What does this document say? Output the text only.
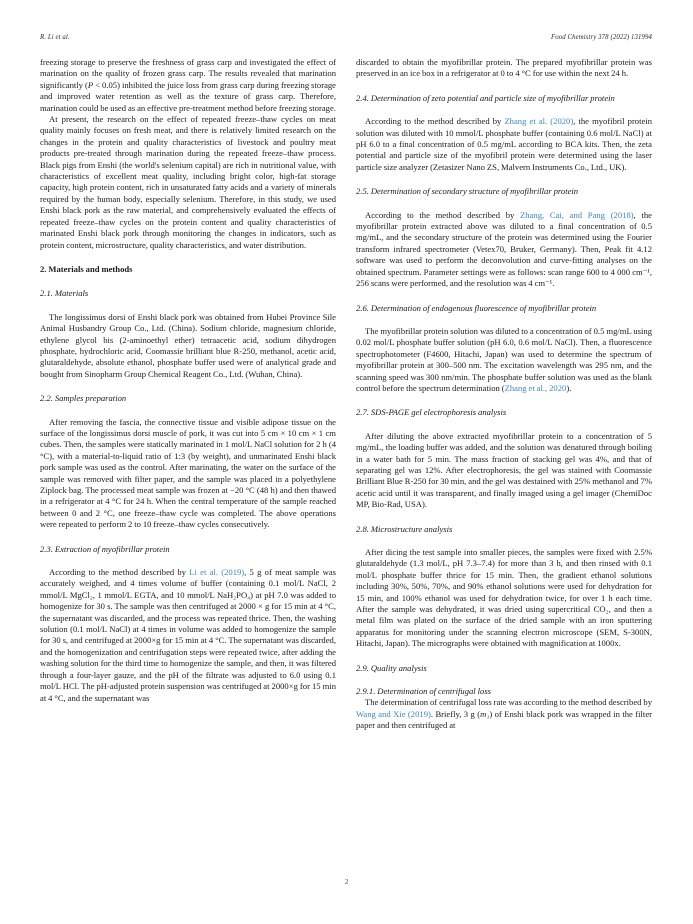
R. Li et al.	Food Chemistry 378 (2022) 131994

freezing storage to preserve the freshness of grass carp and investigated the effect of marination on the quality of frozen grass carp. The results revealed that marination significantly (P < 0.05) inhibited the juice loss from grass carp during freezing storage and improved water retention as well as the texture of grass carp. Therefore, marination could be used as an effective pre-treatment method before freezing storage.

At present, the research on the effect of repeated freeze–thaw cycles on meat quality mainly focuses on fresh meat, and there is relatively limited research on the changes in the protein and quality characteristics of livestock and poultry meat products pre-treated through marination during the repeated freeze–thaw process. Black pigs from Enshi (the world's selenium capital) are rich in nutritional value, with characteristics of excellent meat quality, including bright color, high-fat storage capacity, high protein content, rich in unsaturated fatty acids and a variety of minerals required by the human body, especially selenium. Therefore, in this study, we used Enshi black pork as the raw material, and comprehensively evaluated the effects of repeated freeze–thaw cycles on the protein content and quality characteristics of marinated Enshi black pork through monitoring the changes in indicators, such as protein content, microstructure, quality characteristics, and water distribution.

2. Materials and methods
2.1. Materials

The longissimus dorsi of Enshi black pork was obtained from Hubei Province Sile Animal Husbandry Group Co., Ltd. (China). Sodium chloride, magnesium chloride, ethylene glycol bis (2-aminoethyl ether) tetraacetic acid, sodium dihydrogen phosphate, hydrochloric acid, Coomassie brilliant blue R-250, methanol, acetic acid, glutaraldehyde, absolute ethanol, phosphate buffer used were of analytical grade and bought from Sinopharm Group Chemical Reagent Co., Ltd. (Wuhan, China).

2.2. Samples preparation

After removing the fascia, the connective tissue and visible adipose tissue on the surface of the longissimus dorsi muscle of pork, it was cut into 5 cm × 10 cm × 1 cm cubes. Then, the samples were statically marinated in 1 mol/L NaCl solution for 2 h (4 °C), with a material-to-liquid ratio of 1:3 (by weight), and unmarinated Enshi black pork sample was used as the control. After marinating, the water on the surface of the sample was removed with filter paper, and the sample was placed in a polyethylene Ziplock bag. The processed meat sample was frozen at −20 °C (48 h) and then thawed in a refrigerator at 4 °C for 24 h. When the central temperature of the sample reached between 0 and 2 °C, one freeze–thaw cycle was completed. The above operations were repeated to perform 2 to 10 freeze–thaw cycles consecutively.

2.3. Extraction of myofibrillar protein

According to the method described by Li et al. (2019), 5 g of meat sample was accurately weighed, and 4 times volume of buffer (containing 0.1 mol/L NaCl, 2 mmol/L MgCl₂, 1 mmol/L EGTA, and 10 mmol/L NaH₂PO₄) at pH 7.0 was added to homogenize for 30 s. The sample was then centrifuged at 2000 × g for 15 min at 4 °C, the supernatant was discarded, and the process was repeated thrice. Then, the washing solution (0.1 mol/L NaCl) at 4 times in volume was added to homogenize the sample for 30 s, and centrifuged at 2000×g for 15 min at 4 °C. The supernatant was discarded, and the homogenization and centrifugation steps were repeated twice, after adding the washing solution for the third time to homogenize the sample, and then, it was filtered through a four-layer gauze, and the pH of the filtrate was adjusted to 6.0 using 0.1 mol/L HCl. The pH-adjusted protein suspension was centrifuged at 2000×g for 15 min at 4 °C, and the supernatant was

discarded to obtain the myofibrillar protein. The prepared myofibrillar protein was preserved in an ice box in a refrigerator at 0 to 4 °C for use within the next 24 h.

2.4. Determination of zeta potential and particle size of myofibrillar protein

According to the method described by Zhang et al. (2020), the myofibril protein solution was diluted with 10 mmol/L phosphate buffer (containing 0.6 mol/L NaCl) at pH 6.0 to a final concentration of 0.5 mg/mL according to BCA kits. Then, the zeta potential and particle size of the myofibril protein were determined using the laser particle size analyzer (Zetasizer Nano ZS, Malvern Instruments Co., Ltd., UK).

2.5. Determination of secondary structure of myofibrillar protein

According to the method described by Zhang, Cai, and Pang (2018), the myofibrillar protein extracted above was diluted to a final concentration of 0.5 mg/mL, and the secondary structure of the protein was determined using the Fourier transform infrared spectrometer (Vetex70, Bruker, Germany). Then, Peak fit 4.12 software was used to perform the deconvolution and curve-fitting analyses on the obtained spectrum. Parameter settings were as follows: scan range 600 to 4 000 cm⁻¹, 256 scans were performed, and the resolution was 4 cm⁻¹.

2.6. Determination of endogenous fluorescence of myofibrillar protein

The myofibrillar protein solution was diluted to a concentration of 0.5 mg/mL using 0.02 mol/L phosphate buffer solution (pH 6.0, 0.6 mol/L NaCl). Then, a fluorescence spectrophotometer (F4600, Hitachi, Japan) was used to determine the spectrum of myofibrillar protein at 300–500 nm. The excitation wavelength was 295 nm, and the scanning speed was 300 nm/min. The phosphate buffer solution was used as the blank control before the spectrum determination (Zhang et al., 2020).

2.7. SDS-PAGE gel electrophoresis analysis

After diluting the above extracted myofibrillar protein to a concentration of 5 mg/mL, the loading buffer was added, and the solution was denatured through boiling in a water bath for 5 min. The mass fraction of stacking gel was 4%, and that of separating gel was 12%. After electrophoresis, the gel was stained with Coomassie Brilliant Blue R-250 for 30 min, and the gel was destained with 25% methanol and 7% acetic acid until it was transparent, and finally imaged using a gel imager (ChemiDoc MP, Bio-Rad, USA).

2.8. Microstructure analysis

After dicing the test sample into smaller pieces, the samples were fixed with 2.5% glutaraldehyde (1.3 mol/L, pH 7.3–7.4) for more than 3 h, and then rinsed with 0.1 mol/L phosphate buffer thrice for 15 min. Then, the gradient ethanol solutions including 30%, 50%, 70%, and 90% ethanol solutions were used for dehydration for 15 min, and 100% ethanol was used for dehydration twice, for over 1 h each time. After the sample was dehydrated, it was dried using supercritical CO₂, and then a metal film was plated on the surface of the dried sample with an iron sputtering apparatus for monitoring under the scanning electron microscope (SEM, S-300N, Hitachi, Japan). The micrographs were obtained with magnification at 1000x.

2.9. Quality analysis
2.9.1. Determination of centrifugal loss

The determination of centrifugal loss rate was according to the method described by Wang and Xie (2019). Briefly, 3 g (m₁) of Enshi black pork was wrapped in the filter paper and then centrifuged at

2
